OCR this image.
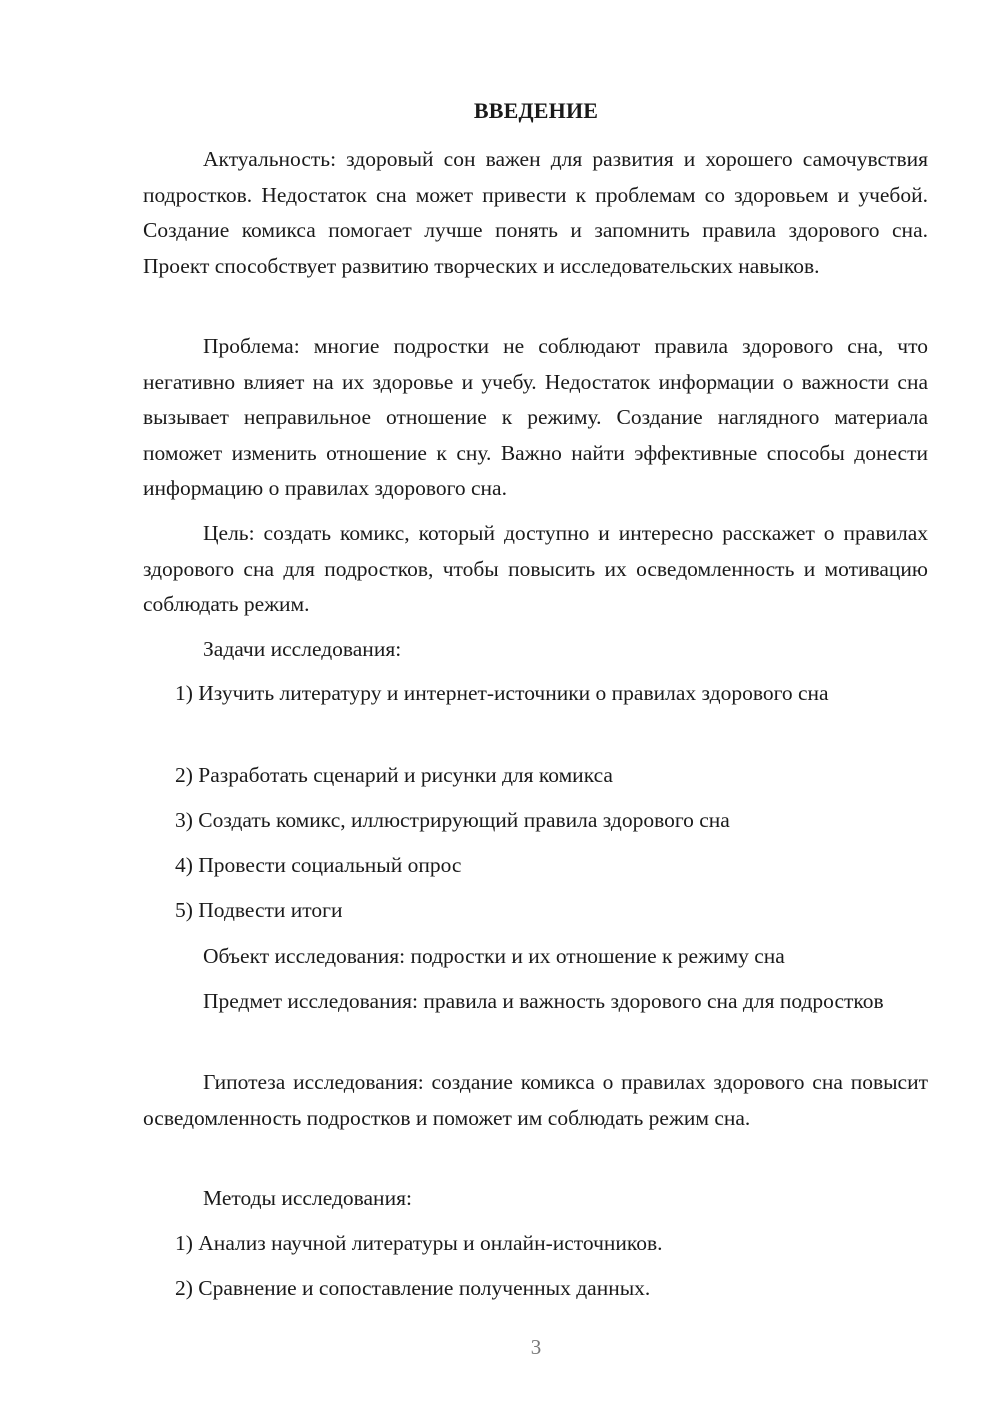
ВВЕДЕНИЕ

Актуальность: здоровый сон важен для развития и хорошего самочувствия подростков. Недостаток сна может привести к проблемам со здоровьем и учебой. Создание комикса помогает лучше понять и запомнить правила здорового сна. Проект способствует развитию творческих и исследовательских навыков.

Проблема: многие подростки не соблюдают правила здорового сна, что негативно влияет на их здоровье и учебу. Недостаток информации о важности сна вызывает неправильное отношение к режиму. Создание наглядного материала поможет изменить отношение к сну. Важно найти эффективные способы донести информацию о правилах здорового сна.

Цель: создать комикс, который доступно и интересно расскажет о правилах здорового сна для подростков, чтобы повысить их осведомленность и мотивацию соблюдать режим.

Задачи исследования:

1) Изучить литературу и интернет-источники о правилах здорового сна

2) Разработать сценарий и рисунки для комикса

3) Создать комикс, иллюстрирующий правила здорового сна

4) Провести социальный опрос

5) Подвести итоги

Объект исследования: подростки и их отношение к режиму сна

Предмет исследования: правила и важность здорового сна для подростков

Гипотеза исследования: создание комикса о правилах здорового сна повысит осведомленность подростков и поможет им соблюдать режим сна.

Методы исследования:

1) Анализ научной литературы и онлайн-источников.

2) Сравнение и сопоставление полученных данных.

3
